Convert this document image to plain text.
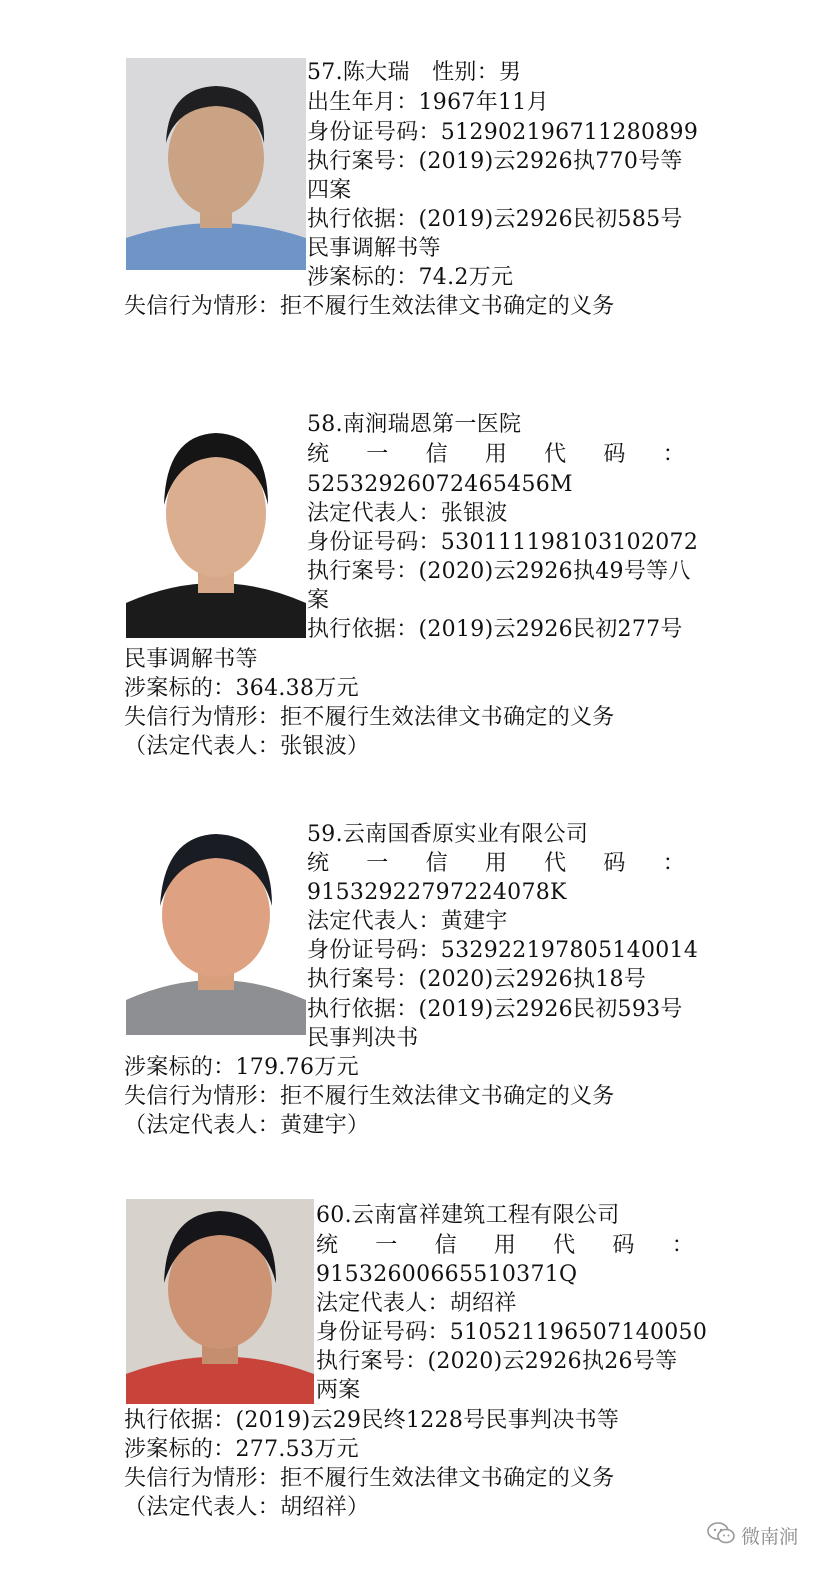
57.陈大瑞　性别：男
出生年月：1967年11月
身份证号码：512902196711280899
执行案号：(2019)云2926执770号等
四案
执行依据：(2019)云2926民初585号
民事调解书等
涉案标的：74.2万元
失信行为情形：拒不履行生效法律文书确定的义务
58.南涧瑞恩第一医院
统 一 信 用 代 码 ：
52532926072465456M
法定代表人：张银波
身份证号码：530111198103102072
执行案号：(2020)云2926执49号等八
案
执行依据：(2019)云2926民初277号
民事调解书等
涉案标的：364.38万元
失信行为情形：拒不履行生效法律文书确定的义务
（法定代表人：张银波）
59.云南国香原实业有限公司
统 一 信 用 代 码 ：
91532922797224078K
法定代表人：黄建宇
身份证号码：532922197805140014
执行案号：(2020)云2926执18号
执行依据：(2019)云2926民初593号
民事判决书
涉案标的：179.76万元
失信行为情形：拒不履行生效法律文书确定的义务
（法定代表人：黄建宇）
60.云南富祥建筑工程有限公司
统 一 信 用 代 码 ：
91532600665510371Q
法定代表人：胡绍祥
身份证号码：510521196507140050
执行案号：(2020)云2926执26号等
两案
执行依据：(2019)云29民终1228号民事判决书等
涉案标的：277.53万元
失信行为情形：拒不履行生效法律文书确定的义务
（法定代表人：胡绍祥）
微南涧
